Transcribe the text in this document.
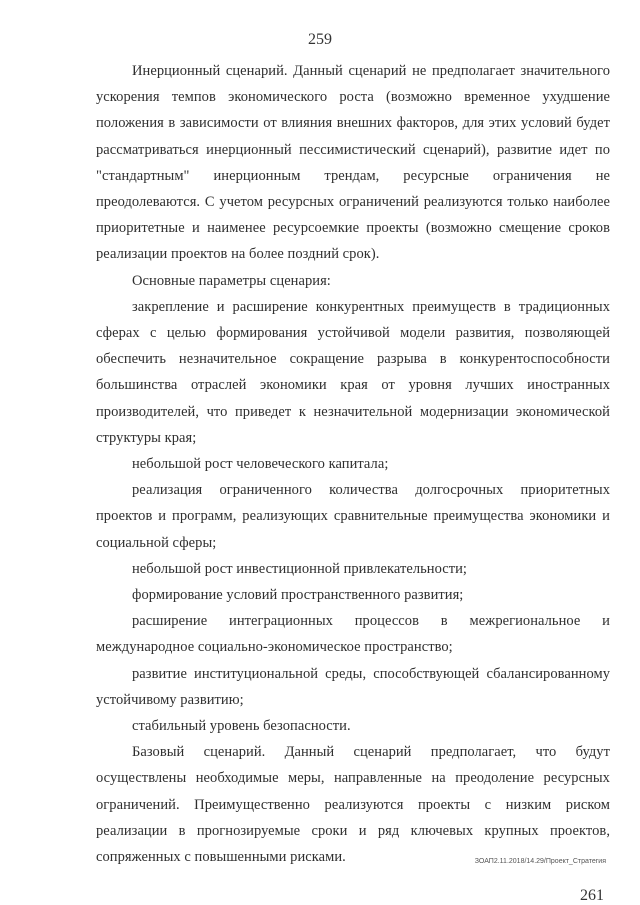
259

Инерционный сценарий. Данный сценарий не предполагает значительного ускорения темпов экономического роста (возможно временное ухудшение положения в зависимости от влияния внешних факторов, для этих условий будет рассматриваться инерционный пессимистический сценарий), развитие идет по "стандартным" инерционным трендам, ресурсные ограничения не преодолеваются. С учетом ресурсных ограничений реализуются только наиболее приоритетные и наименее ресурсоемкие проекты (возможно смещение сроков реализации проектов на более поздний срок).

Основные параметры сценария:

закрепление и расширение конкурентных преимуществ в традиционных сферах с целью формирования устойчивой модели развития, позволяющей обеспечить незначительное сокращение разрыва в конкурентоспособности большинства отраслей экономики края от уровня лучших иностранных производителей, что приведет к незначительной модернизации экономической структуры края;

небольшой рост человеческого капитала;

реализация ограниченного количества долгосрочных приоритетных проектов и программ, реализующих сравнительные преимущества экономики и социальной сферы;

небольшой рост инвестиционной привлекательности;

формирование условий пространственного развития;

расширение интеграционных процессов в межрегиональное и международное социально-экономическое пространство;

развитие институциональной среды, способствующей сбалансированному устойчивому развитию;

стабильный уровень безопасности.

Базовый сценарий. Данный сценарий предполагает, что будут осуществлены необходимые меры, направленные на преодоление ресурсных ограничений. Преимущественно реализуются проекты с низким риском реализации в прогнозируемые сроки и ряд ключевых крупных проектов, сопряженных с повышенными рисками.	ЗОАП2.11.2018/14.29/Проект_Стратегия
261
